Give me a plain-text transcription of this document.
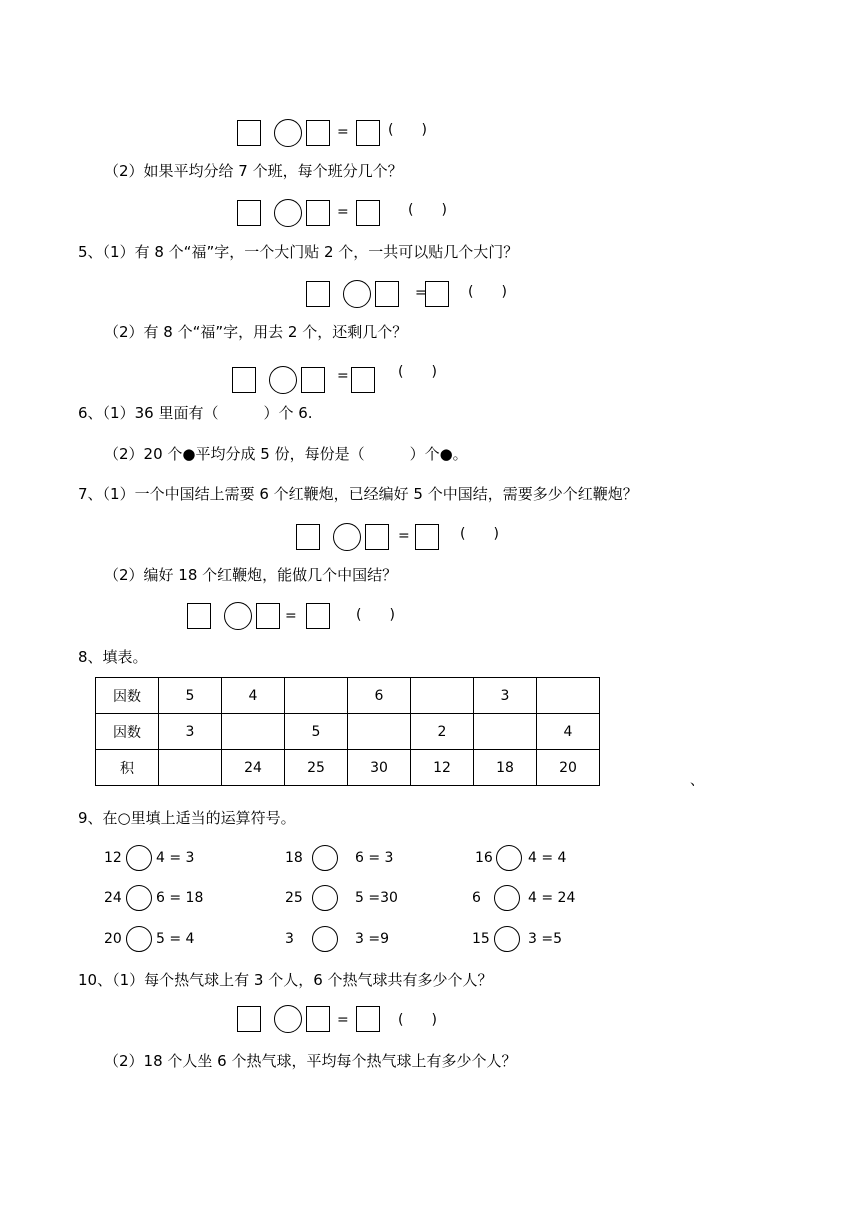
=	(　　)
（2）如果平均分给 7 个班，每个班分几个？
=	(　　)
5、（1）有 8 个“福”字，一个大门贴 2 个，一共可以贴几个大门？
=	(　　)
（2）有 8 个“福”字，用去 2 个，还剩几个？
=	(　　)
6、（1）36 里面有（　　　）个 6.
（2）20 个●平均分成 5 份，每份是（　　　）个●。
7、（1）一个中国结上需要 6 个红鞭炮，已经编好 5 个中国结，需要多少个红鞭炮？
=	(　　)
（2）编好 18 个红鞭炮，能做几个中国结？
=	(　　)
8、填表。
因数	5	4		6		3	
因数	3		5		2		4
积		24	25	30	12	18	20
、
9、在○里填上适当的运算符号。
12 4 = 3	18	6 = 3	16	4 = 4
24 6 = 18	25	5 =30	6	4 = 24
20 5 = 4	3	3 =9	15	3 =5
10、（1）每个热气球上有 3 个人，6 个热气球共有多少个人？
=	(　　)
（2）18 个人坐 6 个热气球，平均每个热气球上有多少个人？
